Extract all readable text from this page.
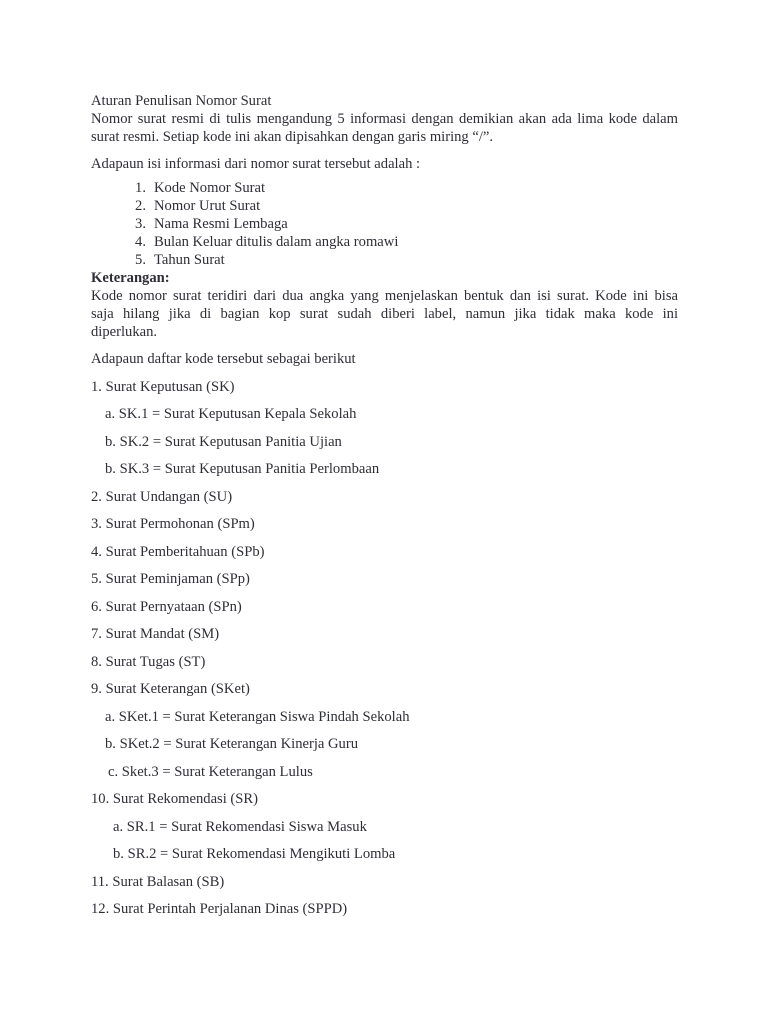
Aturan Penulisan Nomor Surat
Nomor surat resmi di tulis mengandung 5 informasi dengan demikian akan ada lima kode dalam
surat resmi. Setiap kode ini akan dipisahkan dengan garis miring “/”.
Adapaun isi informasi dari nomor surat tersebut adalah :
1. Kode Nomor Surat
2. Nomor Urut Surat
3. Nama Resmi Lembaga
4. Bulan Keluar ditulis dalam angka romawi
5. Tahun Surat
Keterangan:
Kode nomor surat teridiri dari dua angka yang menjelaskan bentuk dan isi surat. Kode ini bisa
saja hilang jika di bagian kop surat sudah diberi label, namun jika tidak maka kode ini
diperlukan.
Adapaun daftar kode tersebut sebagai berikut
1. Surat Keputusan (SK)
a. SK.1 = Surat Keputusan Kepala Sekolah
b. SK.2 = Surat Keputusan Panitia Ujian
b. SK.3 = Surat Keputusan Panitia Perlombaan
2. Surat Undangan (SU)
3. Surat Permohonan (SPm)
4. Surat Pemberitahuan (SPb)
5. Surat Peminjaman (SPp)
6. Surat Pernyataan (SPn)
7. Surat Mandat (SM)
8. Surat Tugas (ST)
9. Surat Keterangan (SKet)
a. SKet.1 = Surat Keterangan Siswa Pindah Sekolah
b. SKet.2 = Surat Keterangan Kinerja Guru
c. Sket.3 = Surat Keterangan Lulus
10. Surat Rekomendasi (SR)
a. SR.1 = Surat Rekomendasi Siswa Masuk
b. SR.2 = Surat Rekomendasi Mengikuti Lomba
11. Surat Balasan (SB)
12. Surat Perintah Perjalanan Dinas (SPPD)
